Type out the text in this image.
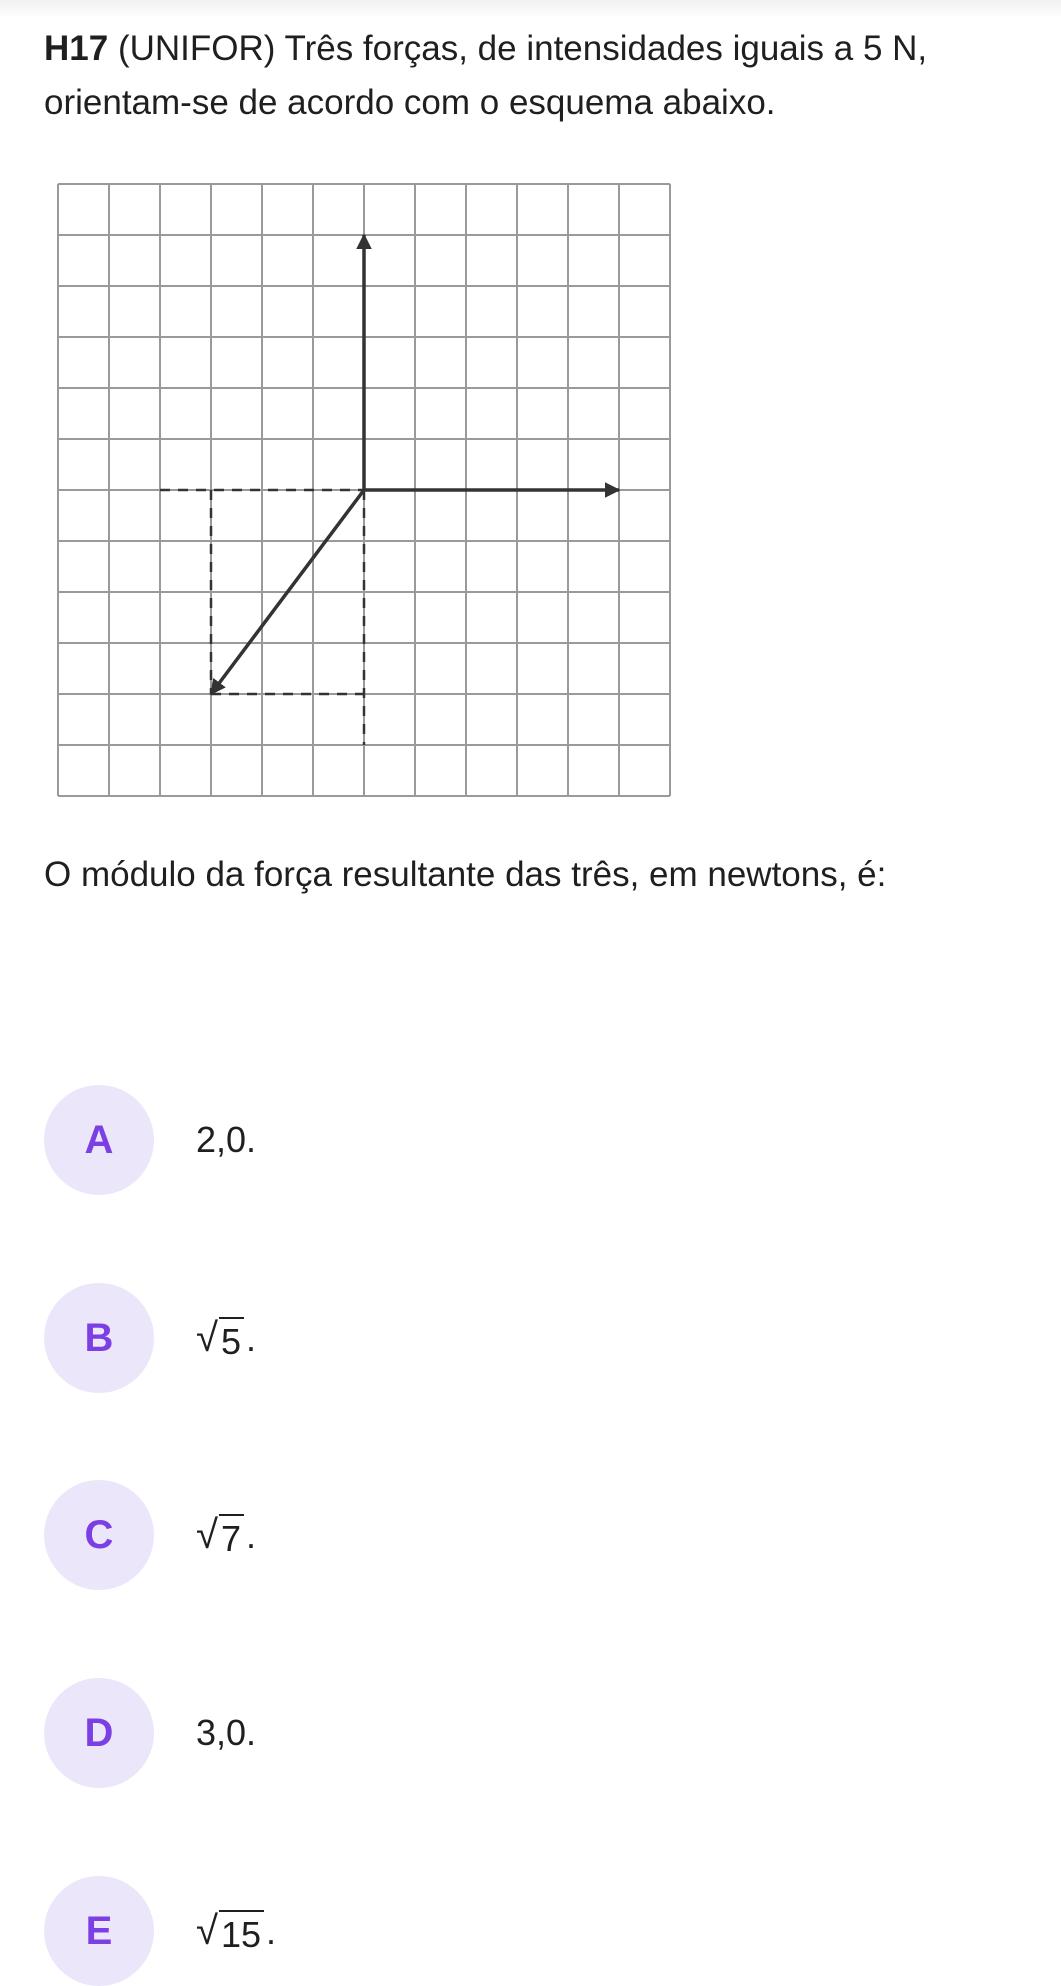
H17 (UNIFOR) Três forças, de intensidades iguais a 5 N, orientam-se de acordo com o esquema abaixo.
O módulo da força resultante das três, em newtons, é:
A	2,0.
B	√ 5 .
C	√ 7 .
D	3,0.
E	√ 15 .
